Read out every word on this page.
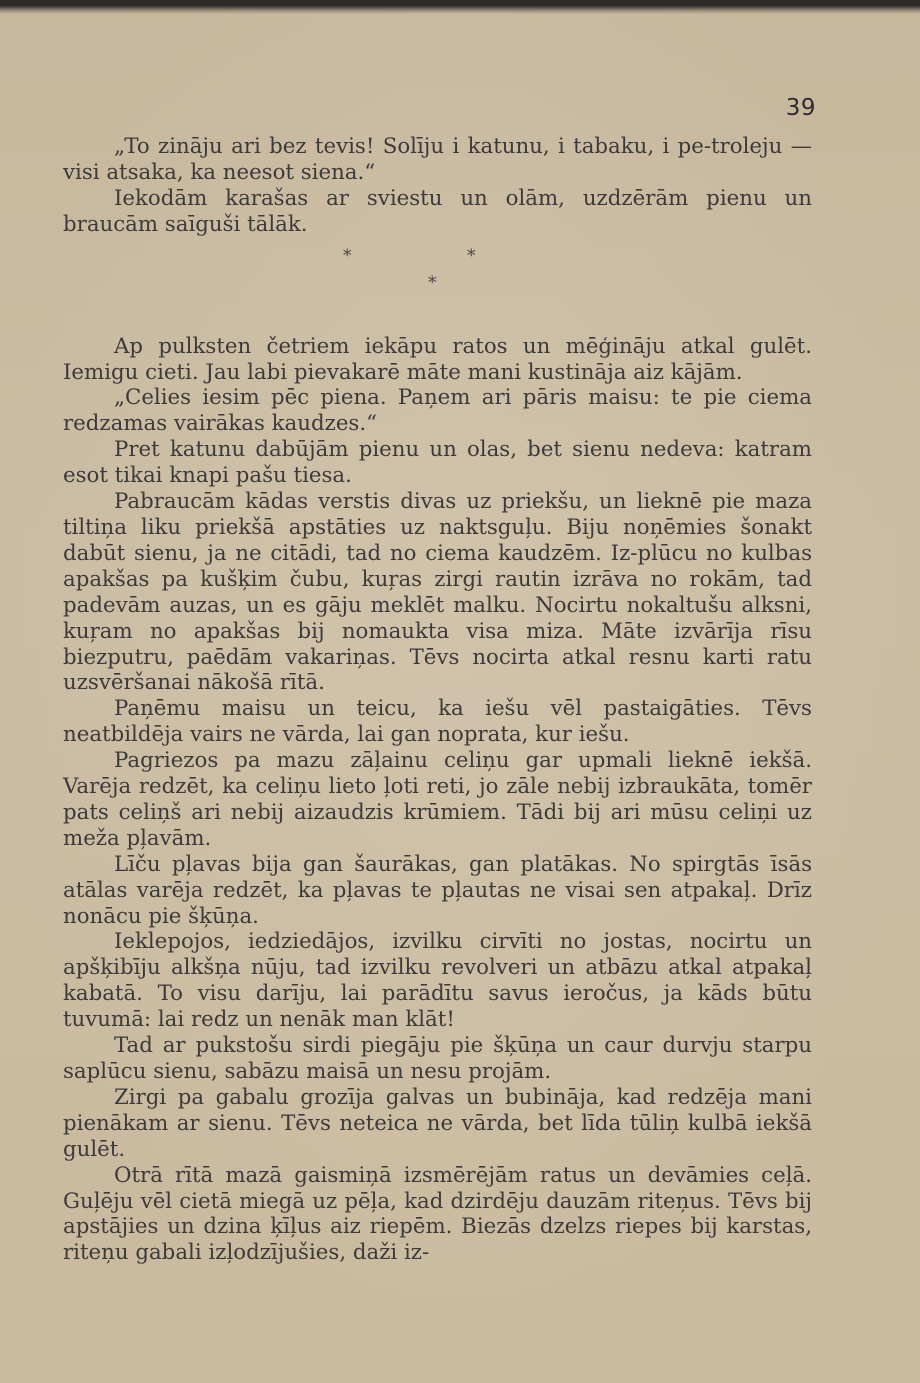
39

„To zināju ari bez tevis! Solīju i katunu, i tabaku, i pe-troleju — visi atsaka, ka neesot siena.“

Iekodām karašas ar sviestu un olām, uzdzērām pienu un braucām saīguši tālāk.

*	*
*

Ap pulksten četriem iekāpu ratos un mēģināju atkal gulēt. Iemigu cieti. Jau labi pievakarē māte mani kustināja aiz kājām.

„Celies iesim pēc piena. Paņem ari pāris maisu: te pie ciema redzamas vairākas kaudzes.“

Pret katunu dabūjām pienu un olas, bet sienu nedeva: katram esot tikai knapi pašu tiesa.

Pabraucām kādas verstis divas uz priekšu, un lieknē pie maza tiltiņa liku priekšā apstāties uz naktsguļu. Biju noņēmies šonakt dabūt sienu, ja ne citādi, tad no ciema kaudzēm. Iz-plūcu no kulbas apakšas pa kušķim čubu, kuŗas zirgi rautin izrāva no rokām, tad padevām auzas, un es gāju meklēt malku. Nocirtu nokaltušu alksni, kuŗam no apakšas bij nomaukta visa miza. Māte izvārīja rīsu biezputru, paēdām vakariņas. Tēvs nocirta atkal resnu karti ratu uzsvēršanai nākošā rītā.

Paņēmu maisu un teicu, ka iešu vēl pastaigāties. Tēvs neatbildēja vairs ne vārda, lai gan noprata, kur iešu.

Pagriezos pa mazu zāļainu celiņu gar upmali lieknē iekšā. Varēja redzēt, ka celiņu lieto ļoti reti, jo zāle nebij izbraukāta, tomēr pats celiņš ari nebij aizaudzis krūmiem. Tādi bij ari mūsu celiņi uz meža pļavām.

Līču pļavas bija gan šaurākas, gan platākas. No spirgtās īsās atālas varēja redzēt, ka pļavas te pļautas ne visai sen atpakaļ. Drīz nonācu pie šķūņa.

Ieklepojos, iedziedājos, izvilku cirvīti no jostas, nocirtu un apšķibīju alkšņa nūju, tad izvilku revolveri un atbāzu atkal atpakaļ kabatā. To visu darīju, lai parādītu savus ieročus, ja kāds būtu tuvumā: lai redz un nenāk man klāt!

Tad ar pukstošu sirdi piegāju pie šķūņa un caur durvju starpu saplūcu sienu, sabāzu maisā un nesu projām.

Zirgi pa gabalu grozīja galvas un bubināja, kad redzēja mani pienākam ar sienu. Tēvs neteica ne vārda, bet līda tūliņ kulbā iekšā gulēt.

Otrā rītā mazā gaismiņā izsmērējām ratus un devāmies ceļā. Guļēju vēl cietā miegā uz pēļa, kad dzirdēju dauzām riteņus. Tēvs bij apstājies un dzina ķīļus aiz riepēm. Biezās dzelzs riepes bij karstas, riteņu gabali izļodzījušies, daži iz-
